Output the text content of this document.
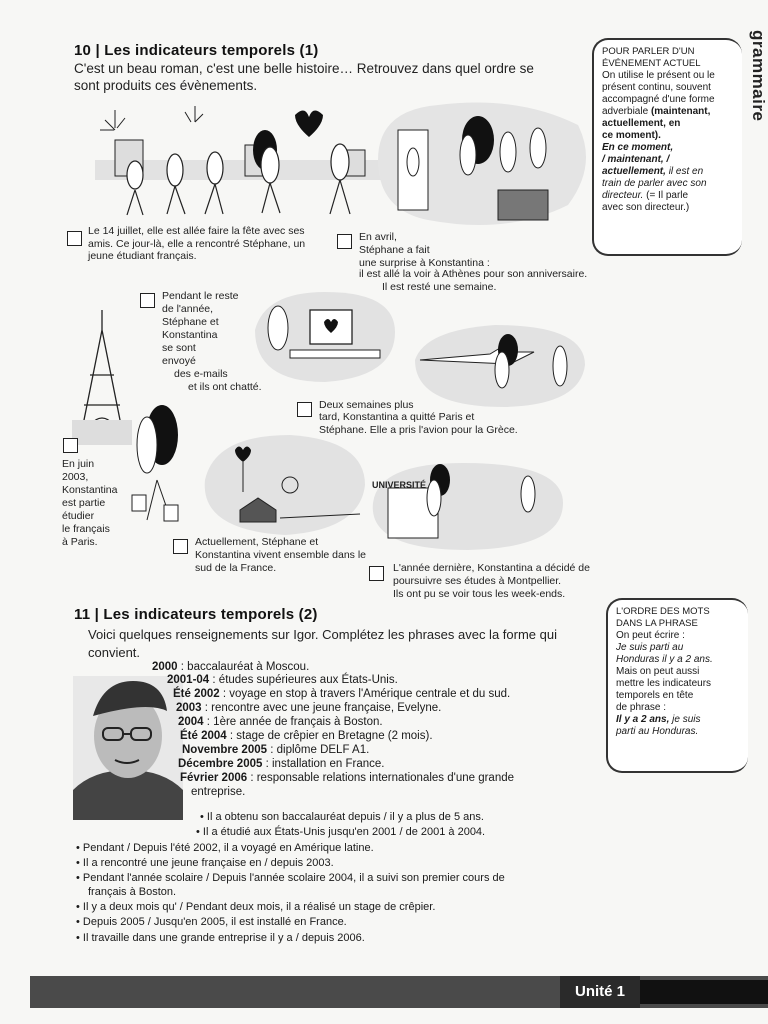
grammaire
10 | Les indicateurs temporels (1)
C'est un beau roman, c'est une belle histoire… Retrouvez dans quel ordre se sont produits ces évènements.
Le 14 juillet, elle est allée faire la fête avec ses amis. Ce jour-là, elle a rencontré Stéphane, un jeune étudiant français.
En avril,
Stéphane a fait
une surprise à Konstantina :
il est allé la voir à Athènes pour son anniversaire.
Il est resté une semaine.
Pendant le reste
de l'année,
Stéphane et
Konstantina
se sont
envoyé
des e-mails
et ils ont chatté.
Deux semaines plus
tard, Konstantina a quitté Paris et
Stéphane. Elle a pris l'avion pour la Grèce.
En juin
2003,
Konstantina
est partie
étudier
le français
à Paris.	Actuellement, Stéphane et
Konstantina vivent ensemble dans le
sud de la France.
UNIVERSITÉ
L'année dernière, Konstantina a décidé de
poursuivre ses études à Montpellier.
Ils ont pu se voir tous les week-ends.
POUR PARLER D'UN
ÉVÉNEMENT ACTUEL
On utilise le présent ou le
présent continu, souvent
accompagné d'une forme
adverbiale (maintenant,
actuellement, en
ce moment).
En ce moment,
/ maintenant, /
actuellement, il est en
train de parler avec son
directeur. (= Il parle
avec son directeur.)
11 | Les indicateurs temporels (2)
Voici quelques renseignements sur Igor. Complétez les phrases avec la forme qui
convient.
2000 : baccalauréat à Moscou.
2001-04 : études supérieures aux États-Unis.
Été 2002 : voyage en stop à travers l'Amérique centrale et du sud.
2003 : rencontre avec une jeune française, Evelyne.
2004 : 1ère année de français à Boston.
Été 2004 : stage de crêpier en Bretagne (2 mois).
Novembre 2005 : diplôme DELF A1.
Décembre 2005 : installation en France.
Février 2006 : responsable relations internationales d'une grande
entreprise.
• Il a obtenu son baccalauréat depuis / il y a plus de 5 ans.
• Il a étudié aux États-Unis jusqu'en 2001 / de 2001 à 2004.
• Pendant / Depuis l'été 2002, il a voyagé en Amérique latine.
• Il a rencontré une jeune française en / depuis 2003.
• Pendant l'année scolaire / Depuis l'année scolaire 2004, il a suivi son premier cours de
français à Boston.
• Il y a deux mois qu' / Pendant deux mois, il a réalisé un stage de crêpier.
• Depuis 2005 / Jusqu'en 2005, il est installé en France.
• Il travaille dans une grande entreprise il y a / depuis 2006.
L'ORDRE DES MOTS
DANS LA PHRASE
On peut écrire :
Je suis parti au
Honduras il y a 2 ans.
Mais on peut aussi
mettre les indicateurs
temporels en tête
de phrase :
Il y a 2 ans, je suis
parti au Honduras.
Unité 1
